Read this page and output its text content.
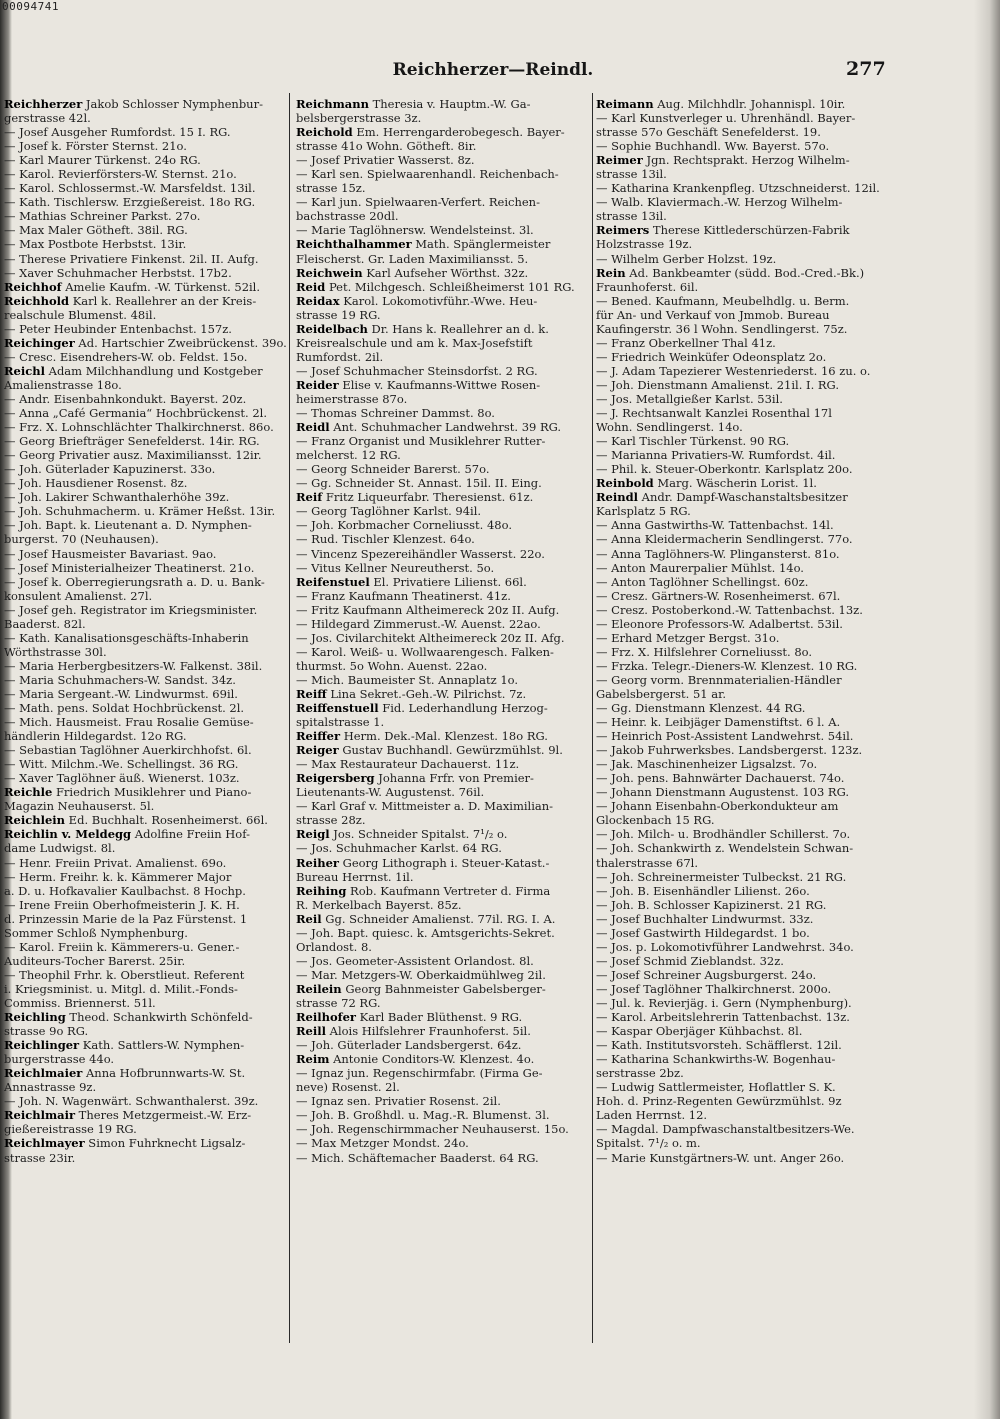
00094741
Reichherzer—Reindl.	277
Reichherzer Jakob Schlosser Nymphenbur-
gerstrasse 42l.
— Josef Ausgeher Rumfordst. 15 I. RG.
— Josef k. Förster Sternst. 21o.
— Karl Maurer Türkenst. 24o RG.
— Karol. Revierförsters-W. Sternst. 21o.
— Karol. Schlossermst.-W. Marsfeldst. 13il.
— Kath. Tischlersw. Erzgießereist. 18o RG.
— Mathias Schreiner Parkst. 27o.
— Max Maler Götheft. 38il. RG.
— Max Postbote Herbstst. 13ir.
— Therese Privatiere Finkenst. 2il. II. Aufg.
— Xaver Schuhmacher Herbstst. 17b2.
Reichhof Amelie Kaufm. -W. Türkenst. 52il.
Reichhold Karl k. Reallehrer an der Kreis-
realschule Blumenst. 48il.
— Peter Heubinder Entenbachst. 157z.
Reichinger Ad. Hartschier Zweibrückenst. 39o.
— Cresc. Eisendrehers-W. ob. Feldst. 15o.
Reichl Adam Milchhandlung und Kostgeber
Amalienstrasse 18o.
— Andr. Eisenbahnkondukt. Bayerst. 20z.
— Anna „Café Germania“ Hochbrückenst. 2l.
— Frz. X. Lohnschlächter Thalkirchnerst. 86o.
— Georg Briefträger Senefelderst. 14ir. RG.
— Georg Privatier ausz. Maximiliansst. 12ir.
— Joh. Güterlader Kapuzinerst. 33o.
— Joh. Hausdiener Rosenst. 8z.
— Joh. Lakirer Schwanthalerhöhe 39z.
— Joh. Schuhmacherm. u. Krämer Heßst. 13ir.
— Joh. Bapt. k. Lieutenant a. D. Nymphen-
burgerst. 70 (Neuhausen).
— Josef Hausmeister Bavariast. 9ao.
— Josef Ministerialheizer Theatinerst. 21o.
— Josef k. Oberregierungsrath a. D. u. Bank-
konsulent Amalienst. 27l.
— Josef geh. Registrator im Kriegsminister.
Baaderst. 82l.
— Kath. Kanalisationsgeschäfts-Inhaberin
Wörthstrasse 30l.
— Maria Herbergbesitzers-W. Falkenst. 38il.
— Maria Schuhmachers-W. Sandst. 34z.
— Maria Sergeant.-W. Lindwurmst. 69il.
— Math. pens. Soldat Hochbrückenst. 2l.
— Mich. Hausmeist. Frau Rosalie Gemüse-
händlerin Hildegardst. 12o RG.
— Sebastian Taglöhner Auerkirchhofst. 6l.
— Witt. Milchm.-We. Schellingst. 36 RG.
— Xaver Taglöhner äuß. Wienerst. 103z.
Reichle Friedrich Musiklehrer und Piano-
Magazin Neuhauserst. 5l.
Reichlein Ed. Buchhalt. Rosenheimerst. 66l.
Reichlin v. Meldegg Adolfine Freiin Hof-
dame Ludwigst. 8l.
— Henr. Freiin Privat. Amalienst. 69o.
— Herm. Freihr. k. k. Kämmerer Major
a. D. u. Hofkavalier Kaulbachst. 8 Hochp.
— Irene Freiin Oberhofmeisterin J. K. H.
d. Prinzessin Marie de la Paz Fürstenst. 1
Sommer Schloß Nymphenburg.
— Karol. Freiin k. Kämmerers-u. Gener.-
Auditeurs-Tocher Barerst. 25ir.
— Theophil Frhr. k. Oberstlieut. Referent
i. Kriegsminist. u. Mitgl. d. Milit.-Fonds-
Commiss. Briennerst. 51l.
Reichling Theod. Schankwirth Schönfeld-
strasse 9o RG.
Reichlinger Kath. Sattlers-W. Nymphen-
burgerstrasse 44o.
Reichlmaier Anna Hofbrunnwarts-W. St.
Annastrasse 9z.
— Joh. N. Wagenwärt. Schwanthalerst. 39z.
Reichlmair Theres Metzgermeist.-W. Erz-
gießereistrasse 19 RG.
Reichlmayer Simon Fuhrknecht Ligsalz-
strasse 23ir.
Reichmann Theresia v. Hauptm.-W. Ga-
belsbergerstrasse 3z.
Reichold Em. Herrengarderobegesch. Bayer-
strasse 41o Wohn. Götheft. 8ir.
— Josef Privatier Wasserst. 8z.
— Karl sen. Spielwaarenhandl. Reichenbach-
strasse 15z.
— Karl jun. Spielwaaren-Verfert. Reichen-
bachstrasse 20dl.
— Marie Taglöhnersw. Wendelsteinst. 3l.
Reichthalhammer Math. Spänglermeister
Fleischerst. Gr. Laden Maximiliansst. 5.
Reichwein Karl Aufseher Wörthst. 32z.
Reid Pet. Milchgesch. Schleißheimerst 101 RG.
Reidax Karol. Lokomotivführ.-Wwe. Heu-
strasse 19 RG.
Reidelbach Dr. Hans k. Reallehrer an d. k.
Kreisrealschule und am k. Max-Josefstift
Rumfordst. 2il.
— Josef Schuhmacher Steinsdorfst. 2 RG.
Reider Elise v. Kaufmanns-Wittwe Rosen-
heimerstrasse 87o.
— Thomas Schreiner Dammst. 8o.
Reidl Ant. Schuhmacher Landwehrst. 39 RG.
— Franz Organist und Musiklehrer Rutter-
melcherst. 12 RG.
— Georg Schneider Barerst. 57o.
— Gg. Schneider St. Annast. 15il. II. Eing.
Reif Fritz Liqueurfabr. Theresienst. 61z.
— Georg Taglöhner Karlst. 94il.
— Joh. Korbmacher Corneliusst. 48o.
— Rud. Tischler Klenzest. 64o.
— Vincenz Spezereihändler Wasserst. 22o.
— Vitus Kellner Neureutherst. 5o.
Reifenstuel El. Privatiere Lilienst. 66l.
— Franz Kaufmann Theatinerst. 41z.
— Fritz Kaufmann Altheimereck 20z II. Aufg.
— Hildegard Zimmerust.-W. Auenst. 22ao.
— Jos. Civilarchitekt Altheimereck 20z II. Afg.
— Karol. Weiß- u. Wollwaarengesch. Falken-
thurmst. 5o Wohn. Auenst. 22ao.
— Mich. Baumeister St. Annaplatz 1o.
Reiff Lina Sekret.-Geh.-W. Pilrichst. 7z.
Reiffenstuell Fid. Lederhandlung Herzog-
spitalstrasse 1.
Reiffer Herm. Dek.-Mal. Klenzest. 18o RG.
Reiger Gustav Buchhandl. Gewürzmühlst. 9l.
— Max Restaurateur Dachauerst. 11z.
Reigersberg Johanna Frfr. von Premier-
Lieutenants-W. Augustenst. 76il.
— Karl Graf v. Mittmeister a. D. Maximilian-
strasse 28z.
Reigl Jos. Schneider Spitalst. 7¹/₂ o.
— Jos. Schuhmacher Karlst. 64 RG.
Reiher Georg Lithograph i. Steuer-Katast.-
Bureau Herrnst. 1il.
Reihing Rob. Kaufmann Vertreter d. Firma
R. Merkelbach Bayerst. 85z.
Reil Gg. Schneider Amalienst. 77il. RG. I. A.
— Joh. Bapt. quiesc. k. Amtsgerichts-Sekret.
Orlandost. 8.
— Jos. Geometer-Assistent Orlandost. 8l.
— Mar. Metzgers-W. Oberkaidmühlweg 2il.
Reilein Georg Bahnmeister Gabelsberger-
strasse 72 RG.
Reilhofer Karl Bader Blüthenst. 9 RG.
Reill Alois Hilfslehrer Fraunhoferst. 5il.
— Joh. Güterlader Landsbergerst. 64z.
Reim Antonie Conditors-W. Klenzest. 4o.
— Ignaz jun. Regenschirmfabr. (Firma Ge-
neve) Rosenst. 2l.
— Ignaz sen. Privatier Rosenst. 2il.
— Joh. B. Großhdl. u. Mag.-R. Blumenst. 3l.
— Joh. Regenschirmmacher Neuhauserst. 15o.
— Max Metzger Mondst. 24o.
— Mich. Schäftemacher Baaderst. 64 RG.
Reimann Aug. Milchhdlr. Johannispl. 10ir.
— Karl Kunstverleger u. Uhrenhändl. Bayer-
strasse 57o Geschäft Senefelderst. 19.
— Sophie Buchhandl. Ww. Bayerst. 57o.
Reimer Jgn. Rechtsprakt. Herzog Wilhelm-
strasse 13il.
— Katharina Krankenpfleg. Utzschneiderst. 12il.
— Walb. Klaviermach.-W. Herzog Wilhelm-
strasse 13il.
Reimers Therese Kittlederschürzen-Fabrik
Holzstrasse 19z.
— Wilhelm Gerber Holzst. 19z.
Rein Ad. Bankbeamter (südd. Bod.-Cred.-Bk.)
Fraunhoferst. 6il.
— Bened. Kaufmann, Meubelhdlg. u. Berm.
für An- und Verkauf von Jmmob. Bureau
Kaufingerstr. 36 l Wohn. Sendlingerst. 75z.
— Franz Oberkellner Thal 41z.
— Friedrich Weinküfer Odeonsplatz 2o.
— J. Adam Tapezierer Westenriederst. 16 zu. o.
— Joh. Dienstmann Amalienst. 21il. I. RG.
— Jos. Metallgießer Karlst. 53il.
— J. Rechtsanwalt Kanzlei Rosenthal 17l
Wohn. Sendlingerst. 14o.
— Karl Tischler Türkenst. 90 RG.
— Marianna Privatiers-W. Rumfordst. 4il.
— Phil. k. Steuer-Oberkontr. Karlsplatz 20o.
Reinbold Marg. Wäscherin Lorist. 1l.
Reindl Andr. Dampf-Waschanstaltsbesitzer
Karlsplatz 5 RG.
— Anna Gastwirths-W. Tattenbachst. 14l.
— Anna Kleidermacherin Sendlingerst. 77o.
— Anna Taglöhners-W. Plingansterst. 81o.
— Anton Maurerpalier Mühlst. 14o.
— Anton Taglöhner Schellingst. 60z.
— Cresz. Gärtners-W. Rosenheimerst. 67l.
— Cresz. Postoberkond.-W. Tattenbachst. 13z.
— Eleonore Professors-W. Adalbertst. 53il.
— Erhard Metzger Bergst. 31o.
— Frz. X. Hilfslehrer Corneliusst. 8o.
— Frzka. Telegr.-Dieners-W. Klenzest. 10 RG.
— Georg vorm. Brennmaterialien-Händler
Gabelsbergerst. 51 ar.
— Gg. Dienstmann Klenzest. 44 RG.
— Heinr. k. Leibjäger Damenstiftst. 6 l. A.
— Heinrich Post-Assistent Landwehrst. 54il.
— Jakob Fuhrwerksbes. Landsbergerst. 123z.
— Jak. Maschinenheizer Ligsalzst. 7o.
— Joh. pens. Bahnwärter Dachauerst. 74o.
— Johann Dienstmann Augustenst. 103 RG.
— Johann Eisenbahn-Oberkondukteur am
Glockenbach 15 RG.
— Joh. Milch- u. Brodhändler Schillerst. 7o.
— Joh. Schankwirth z. Wendelstein Schwan-
thalerstrasse 67l.
— Joh. Schreinermeister Tulbeckst. 21 RG.
— Joh. B. Eisenhändler Lilienst. 26o.
— Joh. B. Schlosser Kapizinerst. 21 RG.
— Josef Buchhalter Lindwurmst. 33z.
— Josef Gastwirth Hildegardst. 1 bo.
— Jos. p. Lokomotivführer Landwehrst. 34o.
— Josef Schmid Zieblandst. 32z.
— Josef Schreiner Augsburgerst. 24o.
— Josef Taglöhner Thalkirchnerst. 200o.
— Jul. k. Revierjäg. i. Gern (Nymphenburg).
— Karol. Arbeitslehrerin Tattenbachst. 13z.
— Kaspar Oberjäger Kühbachst. 8l.
— Kath. Institutsvorsteh. Schäfflerst. 12il.
— Katharina Schankwirths-W. Bogenhau-
serstrasse 2bz.
— Ludwig Sattlermeister, Hoflattler S. K.
Hoh. d. Prinz-Regenten Gewürzmühlst. 9z
Laden Herrnst. 12.
— Magdal. Dampfwaschanstaltbesitzers-We.
Spitalst. 7¹/₂ o. m.
— Marie Kunstgärtners-W. unt. Anger 26o.
